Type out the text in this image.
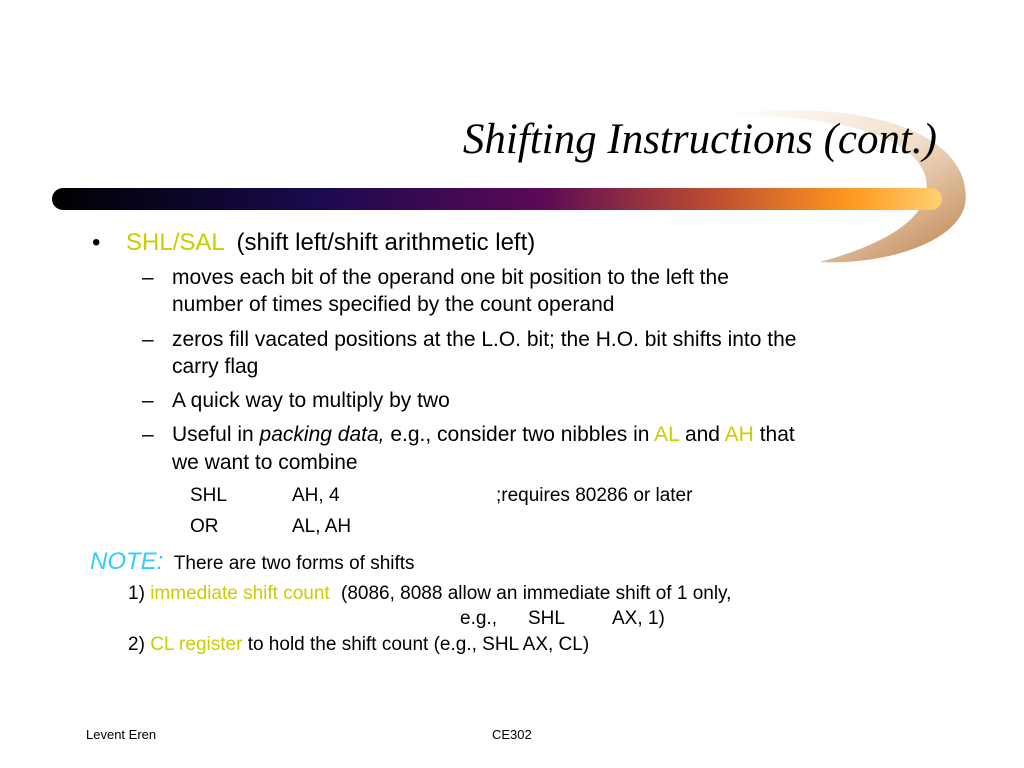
Shifting Instructions (cont.)
• SHL/SAL (shift left/shift arithmetic left)
– moves each bit of the operand one bit position to the left the
number of times specified by the count operand
– zeros fill vacated positions at the L.O. bit; the H.O. bit shifts into the
carry flag
– A quick way to multiply by two
– Useful in packing data, e.g., consider two nibbles in AL and AH that
we want to combine
SHL	AH, 4	;requires 80286 or later
OR	AL, AH
NOTE: There are two forms of shifts
1) immediate shift count (8086, 8088 allow an immediate shift of 1 only,
e.g., SHL AX, 1)
2) CL register to hold the shift count (e.g., SHL AX, CL)
Levent Eren	CE302
